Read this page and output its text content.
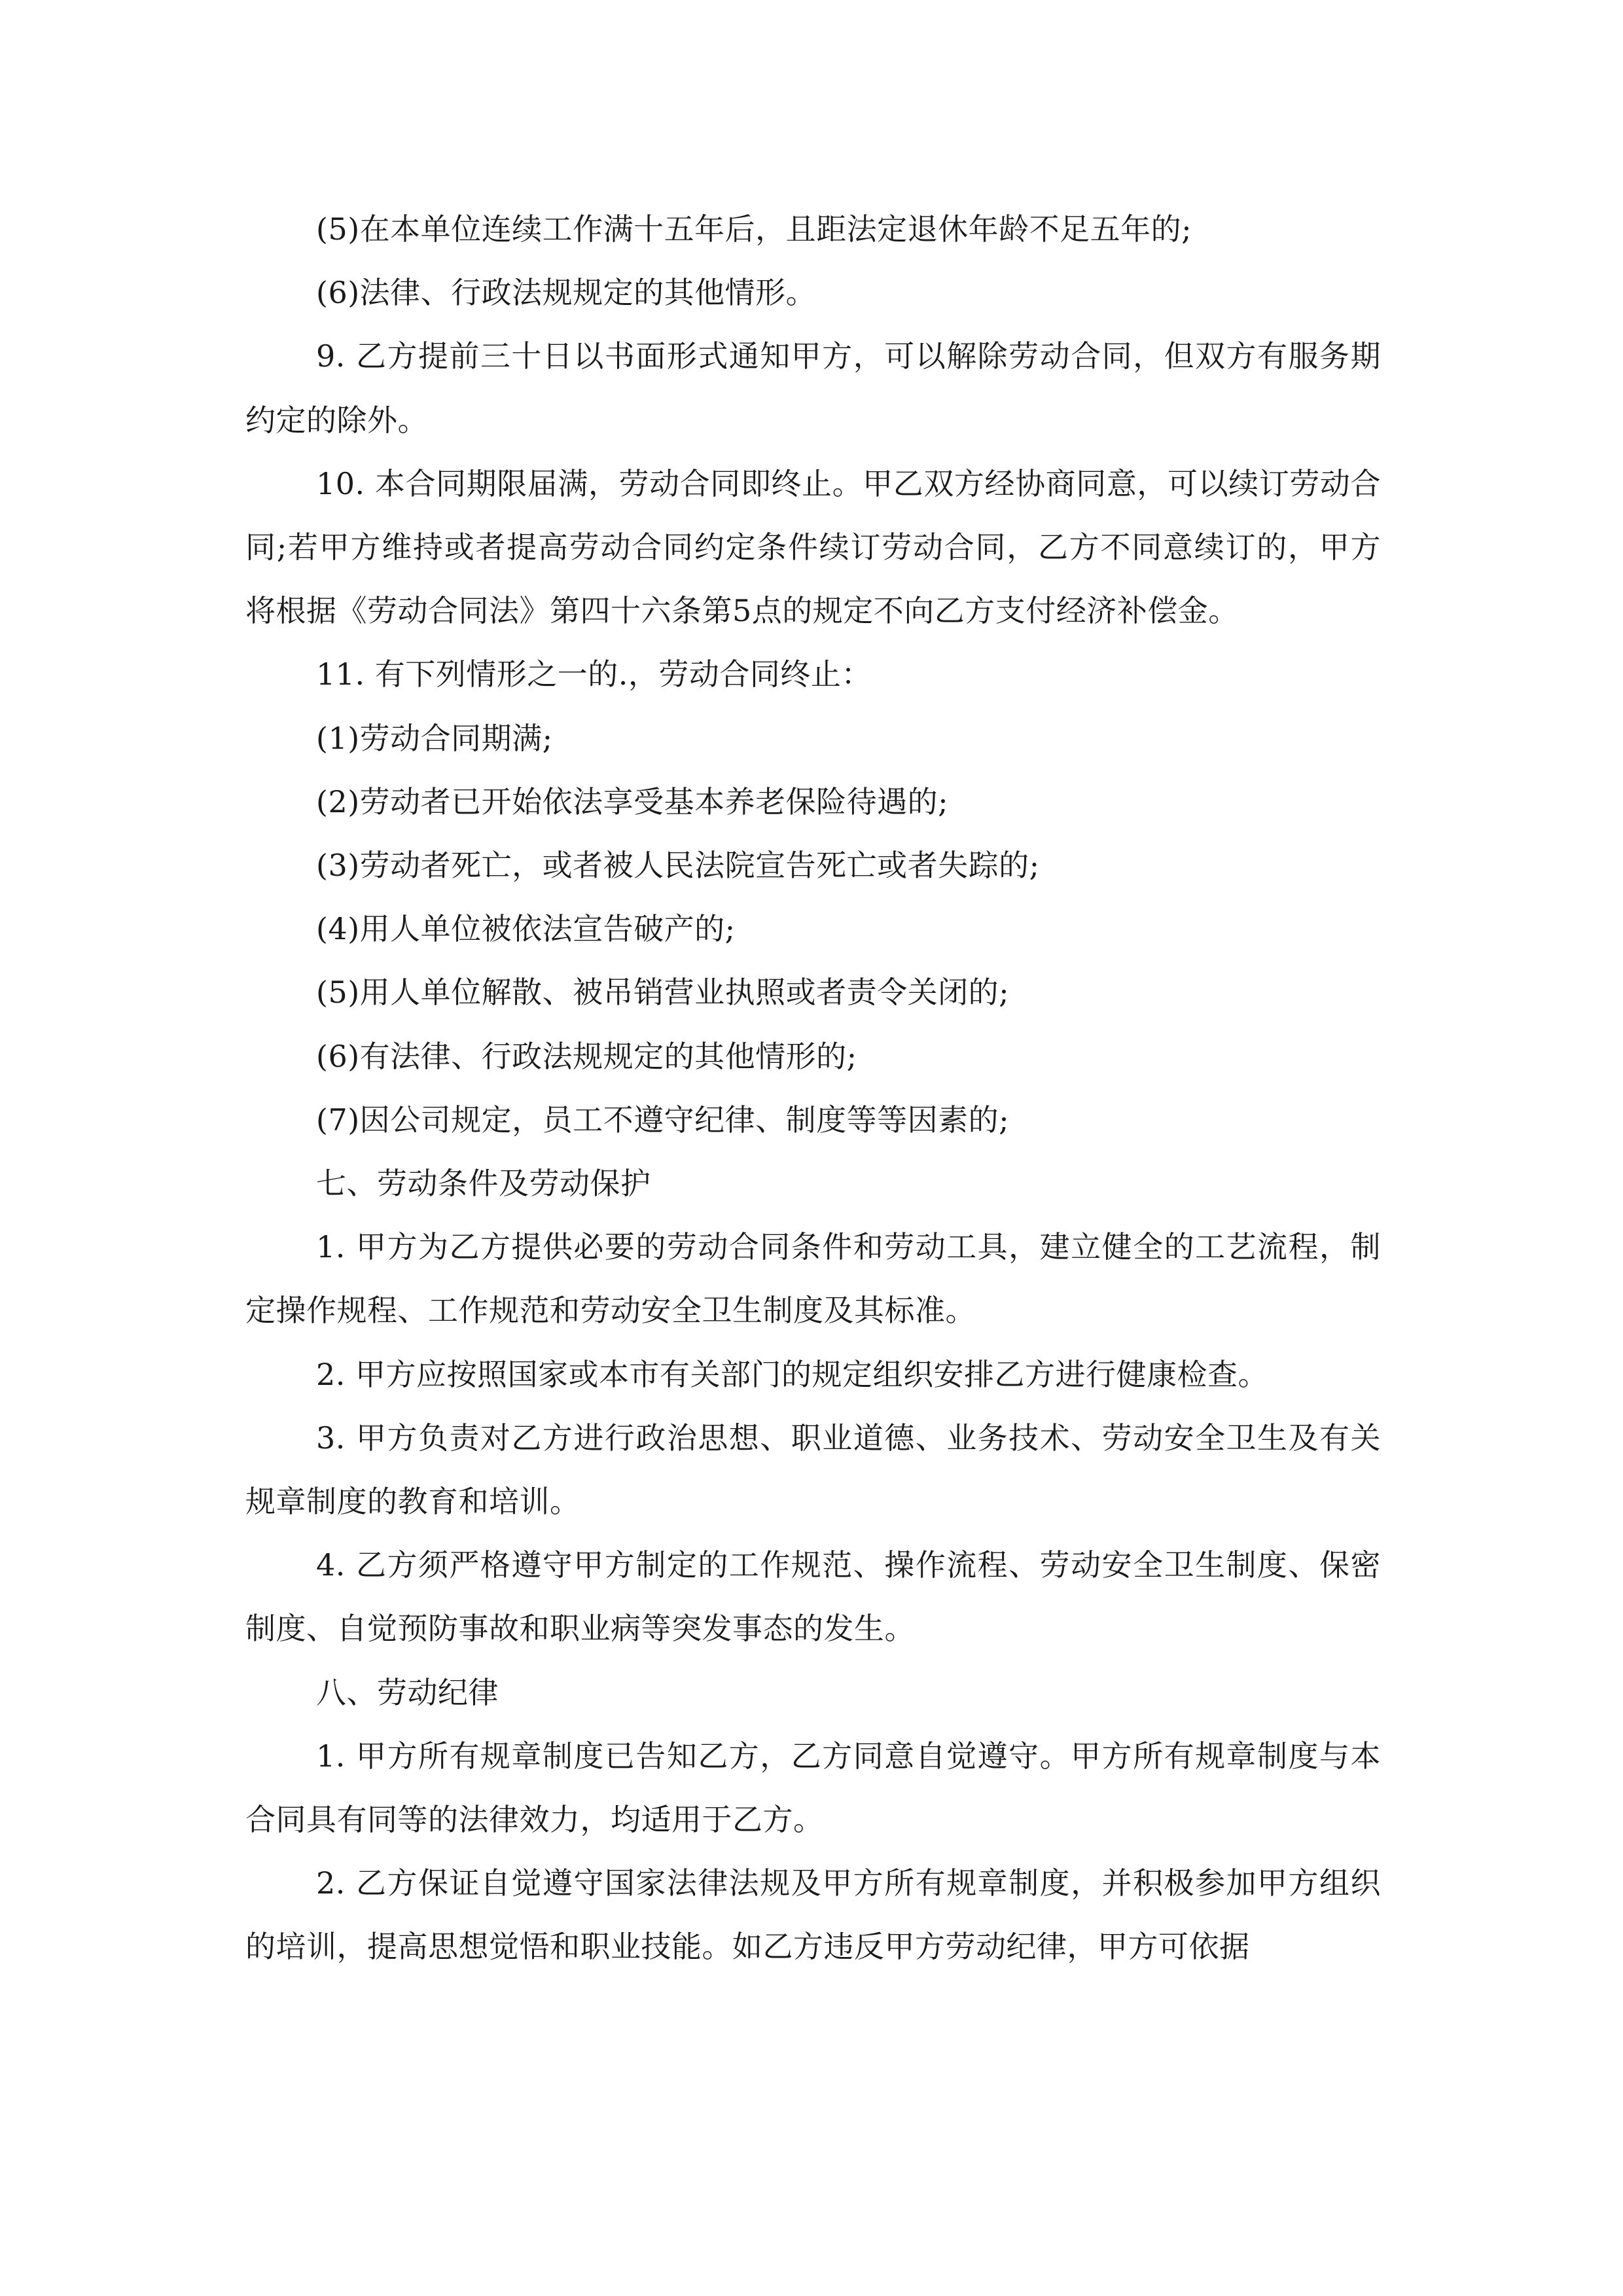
(5)在本单位连续工作满十五年后，且距法定退休年龄不足五年的;

(6)法律、行政法规规定的其他情形。

9. 乙方提前三十日以书面形式通知甲方，可以解除劳动合同，但双方有服务期约定的除外。

10. 本合同期限届满，劳动合同即终止。甲乙双方经协商同意，可以续订劳动合同;若甲方维持或者提高劳动合同约定条件续订劳动合同，乙方不同意续订的，甲方将根据《劳动合同法》第四十六条第5点的规定不向乙方支付经济补偿金。

11. 有下列情形之一的.，劳动合同终止：

(1)劳动合同期满;

(2)劳动者已开始依法享受基本养老保险待遇的;

(3)劳动者死亡，或者被人民法院宣告死亡或者失踪的;

(4)用人单位被依法宣告破产的;

(5)用人单位解散、被吊销营业执照或者责令关闭的;

(6)有法律、行政法规规定的其他情形的;

(7)因公司规定，员工不遵守纪律、制度等等因素的;

七、劳动条件及劳动保护

1. 甲方为乙方提供必要的劳动合同条件和劳动工具，建立健全的工艺流程，制定操作规程、工作规范和劳动安全卫生制度及其标准。

2. 甲方应按照国家或本市有关部门的规定组织安排乙方进行健康检查。

3. 甲方负责对乙方进行政治思想、职业道德、业务技术、劳动安全卫生及有关规章制度的教育和培训。

4. 乙方须严格遵守甲方制定的工作规范、操作流程、劳动安全卫生制度、保密制度、自觉预防事故和职业病等突发事态的发生。

八、劳动纪律

1. 甲方所有规章制度已告知乙方，乙方同意自觉遵守。甲方所有规章制度与本合同具有同等的法律效力，均适用于乙方。

2. 乙方保证自觉遵守国家法律法规及甲方所有规章制度，并积极参加甲方组织的培训，提高思想觉悟和职业技能。如乙方违反甲方劳动纪律，甲方可依据
